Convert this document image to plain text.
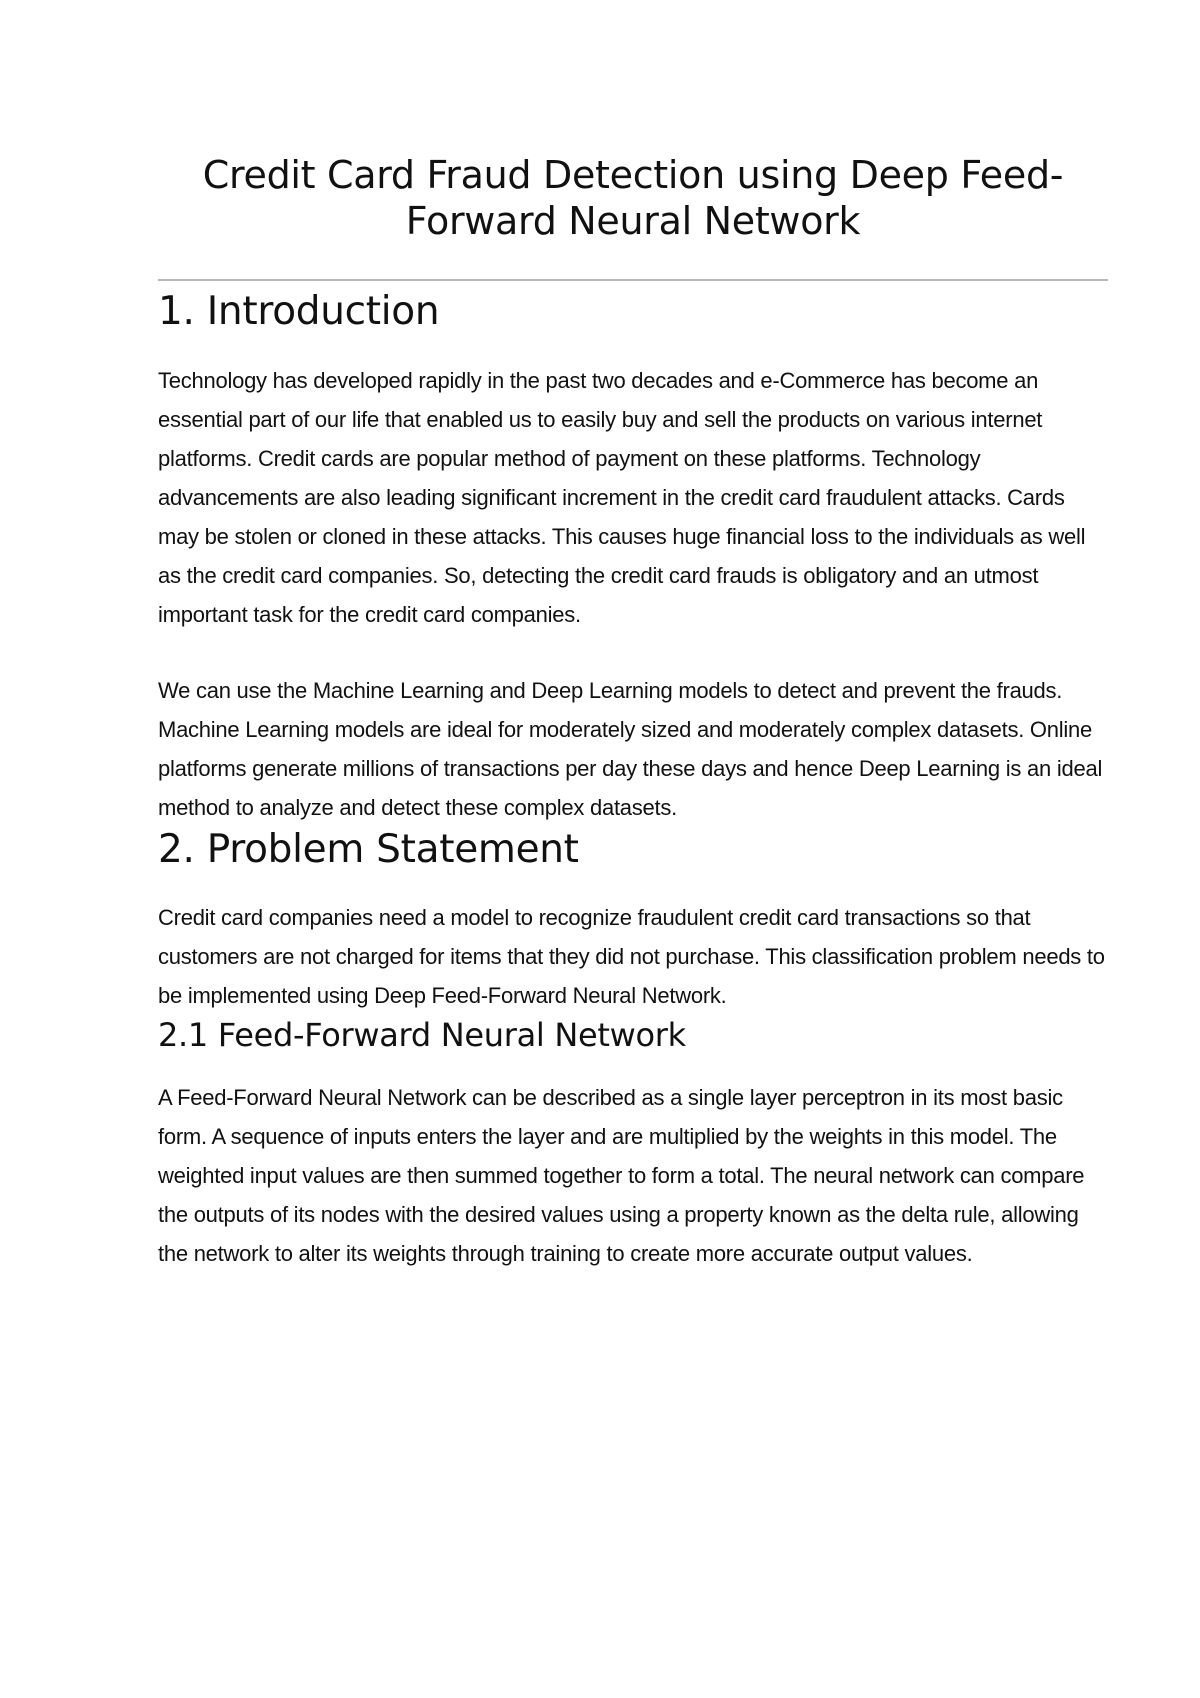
Credit Card Fraud Detection using Deep Feed-Forward Neural Network
1. Introduction

Technology has developed rapidly in the past two decades and e-Commerce has become an essential part of our life that enabled us to easily buy and sell the products on various internet platforms. Credit cards are popular method of payment on these platforms. Technology advancements are also leading significant increment in the credit card fraudulent attacks. Cards may be stolen or cloned in these attacks. This causes huge financial loss to the individuals as well as the credit card companies. So, detecting the credit card frauds is obligatory and an utmost important task for the credit card companies.

We can use the Machine Learning and Deep Learning models to detect and prevent the frauds. Machine Learning models are ideal for moderately sized and moderately complex datasets. Online platforms generate millions of transactions per day these days and hence Deep Learning is an ideal method to analyze and detect these complex datasets.

2. Problem Statement

Credit card companies need a model to recognize fraudulent credit card transactions so that customers are not charged for items that they did not purchase. This classification problem needs to be implemented using Deep Feed-Forward Neural Network.

2.1 Feed-Forward Neural Network

A Feed-Forward Neural Network can be described as a single layer perceptron in its most basic form. A sequence of inputs enters the layer and are multiplied by the weights in this model. The weighted input values are then summed together to form a total. The neural network can compare the outputs of its nodes with the desired values using a property known as the delta rule, allowing the network to alter its weights through training to create more accurate output values.
